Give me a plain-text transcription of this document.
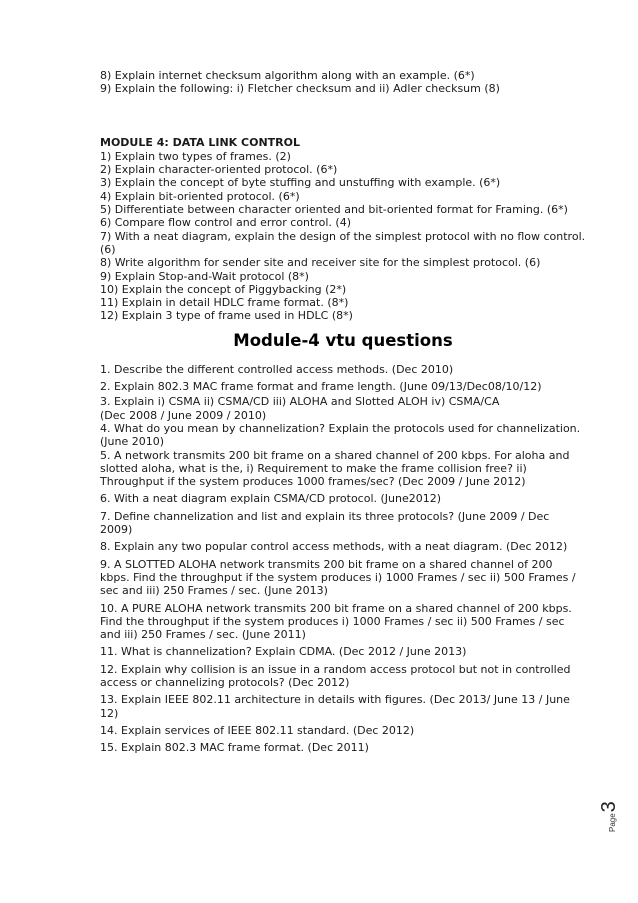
8) Explain internet checksum algorithm along with an example. (6*)
9) Explain the following: i) Fletcher checksum and ii) Adler checksum (8)
MODULE 4: DATA LINK CONTROL
1) Explain two types of frames. (2)
2) Explain character-oriented protocol. (6*)
3) Explain the concept of byte stuffing and unstuffing with example. (6*)
4) Explain bit-oriented protocol. (6*)
5) Differentiate between character oriented and bit-oriented format for Framing. (6*)
6) Compare flow control and error control. (4)
7) With a neat diagram, explain the design of the simplest protocol with no flow control. (6)
8) Write algorithm for sender site and receiver site for the simplest protocol. (6)
9) Explain Stop-and-Wait protocol (8*)
10) Explain the concept of Piggybacking (2*)
11) Explain in detail HDLC frame format. (8*)
12) Explain 3 type of frame used in HDLC (8*)
Module-4 vtu questions
1. Describe the different controlled access methods. (Dec 2010)
2. Explain 802.3 MAC frame format and frame length. (June 09/13/Dec08/10/12)
3. Explain i) CSMA ii) CSMA/CD iii) ALOHA and Slotted ALOH iv) CSMA/CA
(Dec 2008 / June 2009 / 2010)
4. What do you mean by channelization? Explain the protocols used for channelization.
(June 2010)
5. A network transmits 200 bit frame on a shared channel of 200 kbps. For aloha and
slotted aloha, what is the, i) Requirement to make the frame collision free? ii)
Throughput if the system produces 1000 frames/sec? (Dec 2009 / June 2012)
6. With a neat diagram explain CSMA/CD protocol. (June2012)
7. Define channelization and list and explain its three protocols? (June 2009 / Dec
2009)
8. Explain any two popular control access methods, with a neat diagram. (Dec 2012)
9. A SLOTTED ALOHA network transmits 200 bit frame on a shared channel of 200
kbps. Find the throughput if the system produces i) 1000 Frames / sec ii) 500 Frames /
sec and iii) 250 Frames / sec. (June 2013)
10. A PURE ALOHA network transmits 200 bit frame on a shared channel of 200 kbps.
Find the throughput if the system produces i) 1000 Frames / sec ii) 500 Frames / sec
and iii) 250 Frames / sec. (June 2011)
11. What is channelization? Explain CDMA. (Dec 2012 / June 2013)
12. Explain why collision is an issue in a random access protocol but not in controlled
access or channelizing protocols? (Dec 2012)
13. Explain IEEE 802.11 architecture in details with figures. (Dec 2013/ June 13 / June
12)
14. Explain services of IEEE 802.11 standard. (Dec 2012)
15. Explain 802.3 MAC frame format. (Dec 2011)
Page
3
